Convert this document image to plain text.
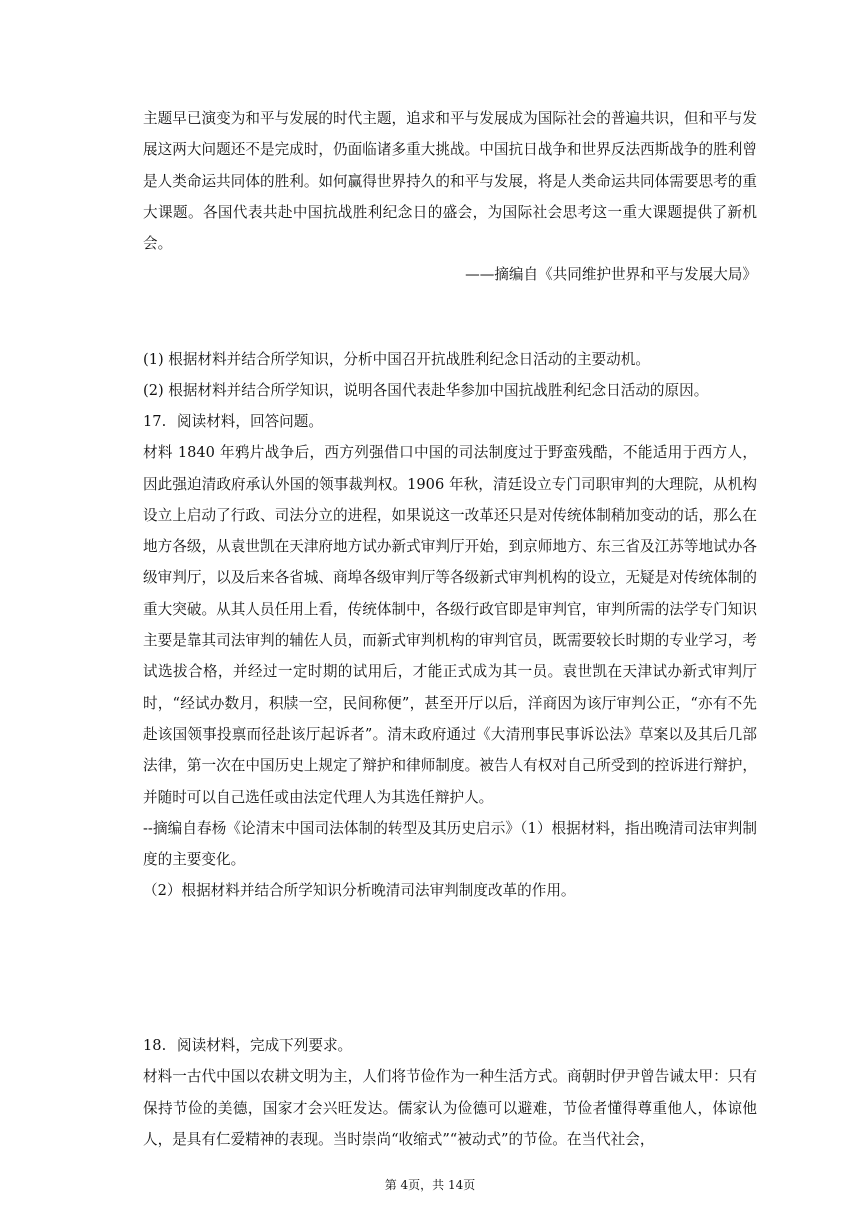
主题早已演变为和平与发展的时代主题，追求和平与发展成为国际社会的普遍共识，但和平与发展这两大问题还不是完成时，仍面临诸多重大挑战。中国抗日战争和世界反法西斯战争的胜利曾是人类命运共同体的胜利。如何赢得世界持久的和平与发展，将是人类命运共同体需要思考的重大课题。各国代表共赴中国抗战胜利纪念日的盛会，为国际社会思考这一重大课题提供了新机会。

——摘编自《共同维护世界和平与发展大局》

(1) 根据材料并结合所学知识，分析中国召开抗战胜利纪念日活动的主要动机。

(2) 根据材料并结合所学知识，说明各国代表赴华参加中国抗战胜利纪念日活动的原因。

17. 阅读材料，回答问题。

材料 1840 年鸦片战争后，西方列强借口中国的司法制度过于野蛮残酷，不能适用于西方人，因此强迫清政府承认外国的领事裁判权。1906 年秋，清廷设立专门司职审判的大理院，从机构设立上启动了行政、司法分立的进程，如果说这一改革还只是对传统体制稍加变动的话，那么在地方各级，从袁世凯在天津府地方试办新式审判厅开始，到京师地方、东三省及江苏等地试办各级审判厅，以及后来各省城、商埠各级审判厅等各级新式审判机构的设立，无疑是对传统体制的重大突破。从其人员任用上看，传统体制中，各级行政官即是审判官，审判所需的法学专门知识主要是靠其司法审判的辅佐人员，而新式审判机构的审判官员，既需要较长时期的专业学习，考试选拔合格，并经过一定时期的试用后，才能正式成为其一员。袁世凯在天津试办新式审判厅时，“经试办数月，积牍一空，民间称便”，甚至开厅以后，洋商因为该厅审判公正，“亦有不先赴该国领事投禀而径赴该厅起诉者”。清末政府通过《大清刑事民事诉讼法》草案以及其后几部法律，第一次在中国历史上规定了辩护和律师制度。被告人有权对自己所受到的控诉进行辩护，并随时可以自己选任或由法定代理人为其选任辩护人。

--摘编自春杨《论清末中国司法体制的转型及其历史启示》（1）根据材料，指出晚清司法审判制度的主要变化。

（2）根据材料并结合所学知识分析晚清司法审判制度改革的作用。

18. 阅读材料，完成下列要求。

材料一古代中国以农耕文明为主，人们将节俭作为一种生活方式。商朝时伊尹曾告诫太甲：只有保持节俭的美德，国家才会兴旺发达。儒家认为俭德可以避难，节俭者懂得尊重他人，体谅他人，是具有仁爱精神的表现。当时崇尚“收缩式”“被动式”的节俭。在当代社会，

第 4页，共 14页
